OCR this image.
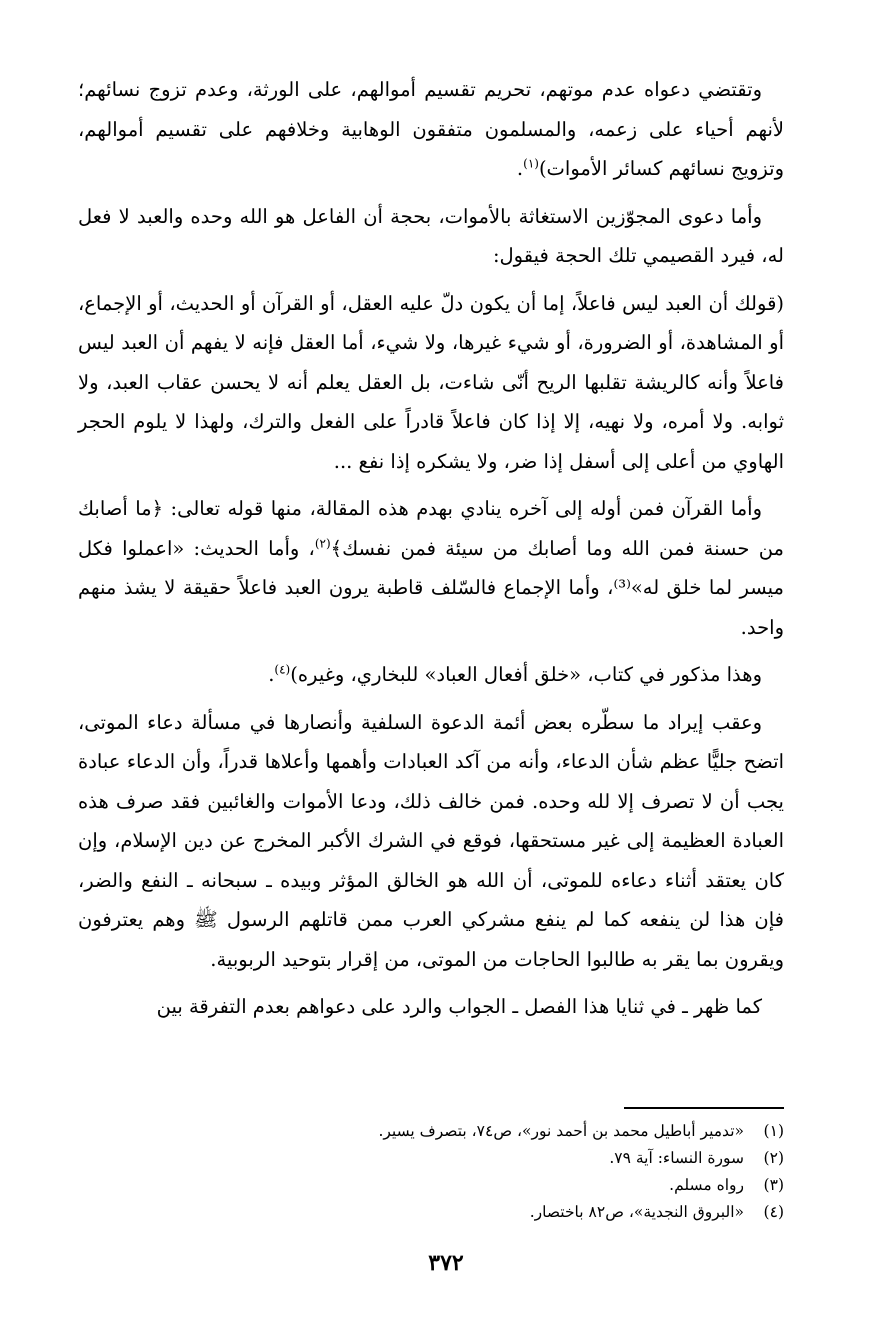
وتقتضي دعواه عدم موتهم، تحريم تقسيم أموالهم، على الورثة، وعدم تزوج نسائهم؛ لأنهم أحياء على زعمه، والمسلمون متفقون الوهابية وخلافهم على تقسيم أموالهم، وتزويج نسائهم كسائر الأموات)$^{(١)}$.

وأما دعوى المجوّزين الاستغاثة بالأموات، بحجة أن الفاعل هو الله وحده والعبد لا فعل له، فيرد القصيمي تلك الحجة فيقول:

(قولك أن العبد ليس فاعلاً، إما أن يكون دلّ عليه العقل، أو القرآن أو الحديث، أو الإجماع، أو المشاهدة، أو الضرورة، أو شيء غيرها، ولا شيء، أما العقل فإنه لا يفهم أن العبد ليس فاعلاً وأنه كالريشة تقلبها الريح أنّى شاءت، بل العقل يعلم أنه لا يحسن عقاب العبد، ولا ثوابه. ولا أمره، ولا نهيه، إلا إذا كان فاعلاً قادراً على الفعل والترك، ولهذا لا يلوم الحجر الهاوي من أعلى إلى أسفل إذا ضر، ولا يشكره إذا نفع ...

وأما القرآن فمن أوله إلى آخره ينادي بهدم هذه المقالة، منها قوله تعالى: ﴿ما أصابك من حسنة فمن الله وما أصابك من سيئة فمن نفسك﴾$^{(٢)}$، وأما الحديث: «اعملوا فكل ميسر لما خلق له»⁽³⁾، وأما الإجماع فالسّلف قاطبة يرون العبد فاعلاً حقيقة لا يشذ منهم واحد.

وهذا مذكور في كتاب، «خلق أفعال العباد» للبخاري، وغيره)$^{(٤)}$.

وعقب إيراد ما سطّره بعض أئمة الدعوة السلفية وأنصارها في مسألة دعاء الموتى، اتضح جليًّا عظم شأن الدعاء، وأنه من آكد العبادات وأهمها وأعلاها قدراً، وأن الدعاء عبادة يجب أن لا تصرف إلا لله وحده. فمن خالف ذلك، ودعا الأموات والغائبين فقد صرف هذه العبادة العظيمة إلى غير مستحقها، فوقع في الشرك الأكبر المخرج عن دين الإسلام، وإن كان يعتقد أثناء دعاءه للموتى، أن الله هو الخالق المؤثر وبيده ـ سبحانه ـ النفع والضر، فإن هذا لن ينفعه كما لم ينفع مشركي العرب ممن قاتلهم الرسول ﷺ وهم يعترفون ويقرون بما يقر به طالبوا الحاجات من الموتى، من إقرار بتوحيد الربوبية.

كما ظهر ـ في ثنايا هذا الفصل ـ الجواب والرد على دعواهم بعدم التفرقة بين

(١)
«تدمير أباطيل محمد بن أحمد نور»، ص٧٤، بتصرف يسير.
(٢)
سورة النساء: آية ٧٩.
(٣)
رواه مسلم.
(٤)
«البروق النجدية»، ص٨٢ باختصار.
٣٧٢
